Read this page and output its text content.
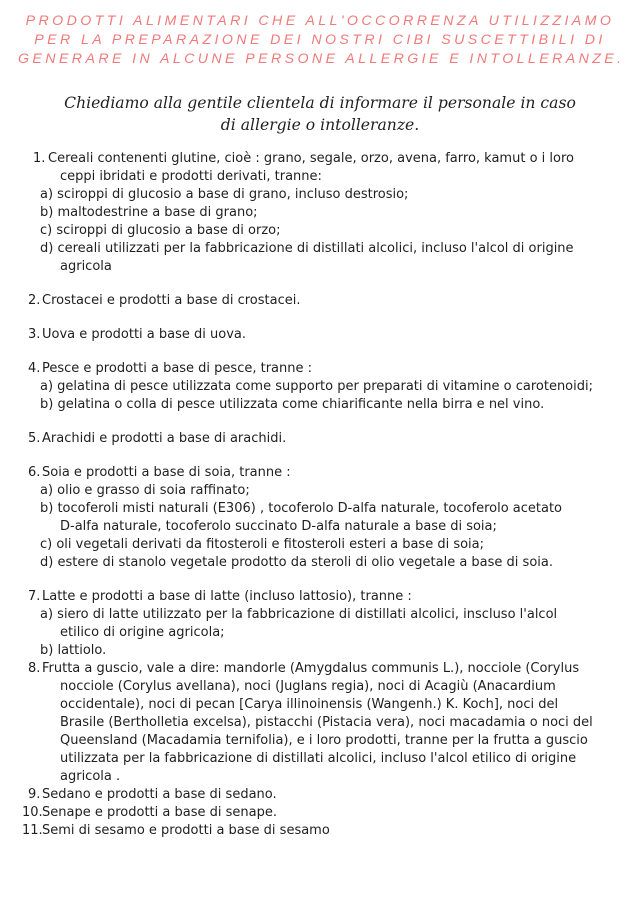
PRODOTTI ALIMENTARI CHE ALL'OCCORRENZA UTILIZZIAMO
PER LA PREPARAZIONE DEI NOSTRI CIBI SUSCETTIBILI DI
GENERARE IN ALCUNE PERSONE ALLERGIE E INTOLLERANZE.
Chiediamo alla gentile clientela di informare il personale in caso
di allergie o intolleranze.
1. Cereali contenenti glutine, cioè : grano, segale, orzo, avena, farro, kamut o i loro
ceppi ibridati e prodotti derivati, tranne:
a) sciroppi di glucosio a base di grano, incluso destrosio;
b) maltodestrine a base di grano;
c) sciroppi di glucosio a base di orzo;
d) cereali utilizzati per la fabbricazione di distillati alcolici, incluso l'alcol di origine
agricola
2. Crostacei e prodotti a base di crostacei.
3. Uova e prodotti a base di uova.
4. Pesce e prodotti a base di pesce, tranne :
a) gelatina di pesce utilizzata come supporto per preparati di vitamine o carotenoidi;
b) gelatina o colla di pesce utilizzata come chiarificante nella birra e nel vino.
5. Arachidi e prodotti a base di arachidi.
6. Soia e prodotti a base di soia, tranne :
a) olio e grasso di soia raffinato;
b) tocoferoli misti naturali (E306) , tocoferolo D-alfa naturale, tocoferolo acetato
D-alfa naturale, tocoferolo succinato D-alfa naturale a base di soia;
c) oli vegetali derivati da fitosteroli e fitosteroli esteri a base di soia;
d) estere di stanolo vegetale prodotto da steroli di olio vegetale a base di soia.
7. Latte e prodotti a base di latte (incluso lattosio), tranne :
a) siero di latte utilizzato per la fabbricazione di distillati alcolici, inscluso l'alcol
etilico di origine agricola;
b) lattiolo.
8. Frutta a guscio, vale a dire: mandorle (Amygdalus communis L.), nocciole (Corylus
nocciole (Corylus avellana), noci (Juglans regia), noci di Acagiù (Anacardium
occidentale), noci di pecan [Carya illinoinensis (Wangenh.) K. Koch], noci del
Brasile (Bertholletia excelsa), pistacchi (Pistacia vera), noci macadamia o noci del
Queensland (Macadamia ternifolia), e i loro prodotti, tranne per la frutta a guscio
utilizzata per la fabbricazione di distillati alcolici, incluso l'alcol etilico di origine
agricola .
9. Sedano e prodotti a base di sedano.
10. Senape e prodotti a base di senape.
11. Semi di sesamo e prodotti a base di sesamo
